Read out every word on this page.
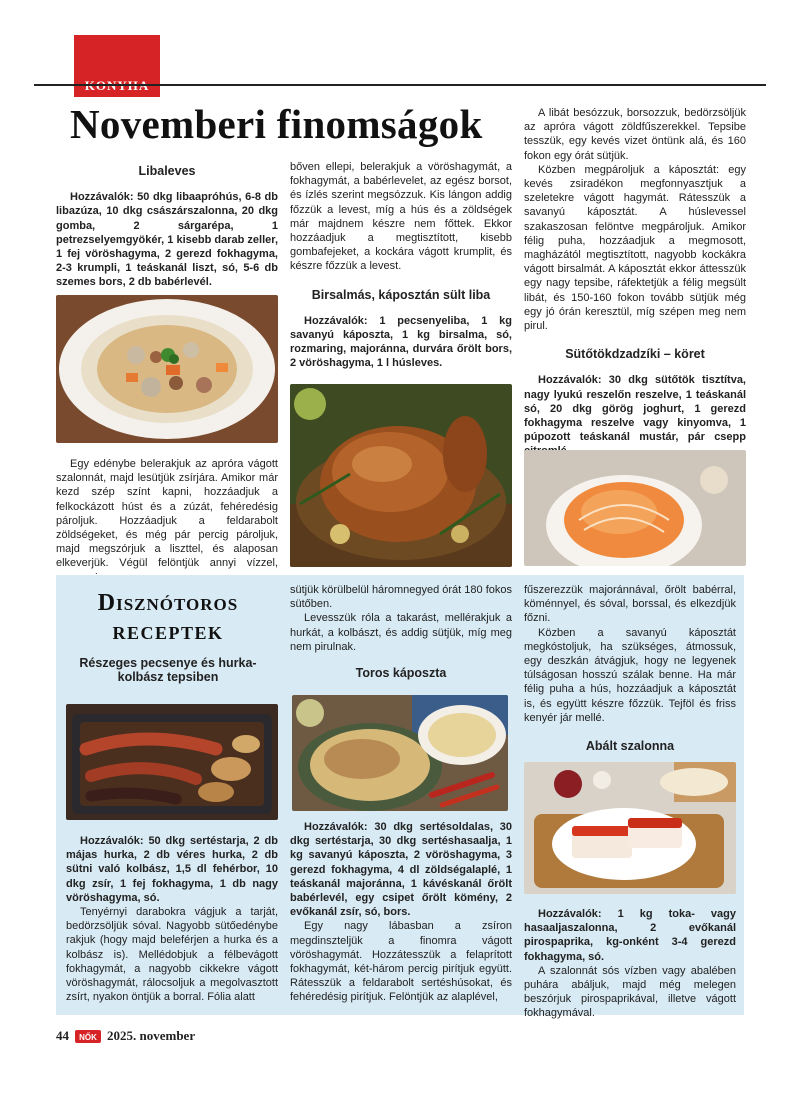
Novemberi finomságok
Libaleves

Hozzávalók: 50 dkg libaapróhús, 6-8 db libazúza, 10 dkg császárszalonna, 20 dkg gomba, 2 sárgarépa, 1 petrezselyemgyökér, 1 kisebb darab zeller, 1 fej vöröshagyma, 2 gerezd fokhagyma, 2-3 krumpli, 1 teáskanál liszt, só, 5-6 db szemes bors, 2 db babérlevél.

Egy edénybe belerakjuk az apróra vágott szalonnát, majd lesütjük zsírjára. Amikor már kezd szép színt kapni, hozzáadjuk a felkockázott húst és a zúzát, fehéredésig pároljuk. Hozzáadjuk a feldarabolt zöldségeket, és még pár percig pároljuk, majd megszórjuk a liszttel, és alaposan elkeverjük. Végül felöntjük annyi vízzel,

bőven ellepi, belerakjuk a vöröshagymát, a fokhagymát, a babérlevelet, az egész borsot, és ízlés szerint megsózzuk. Kis lángon addig főzzük a levest, míg a hús és a zöldségek már majdnem készre nem főttek. Ekkor hozzáadjuk a megtisztított, kisebb gombafejeket, a kockára vágott krumplit, és készre főzzük a levest.

Birsalmás, káposztán sült liba

Hozzávalók: 1 pecsenyeliba, 1 kg savanyú káposzta, 1 kg birsalma, só, rozmaring, majoránna, durvára őrölt bors, 2 vöröshagyma, 1 l húsleves.

A libát besózzuk, borsozzuk, bedörzsöljük az apróra vágott zöldfűszerekkel. Tepsibe tesszük, egy kevés vizet öntünk alá, és 160 fokon egy órát sütjük.

Közben megpároljuk a káposztát: egy kevés zsiradékon megfonnyasztjuk a szeletekre vágott hagymát. Rátesszük a savanyú káposztát. A húslevessel szakaszosan felöntve megpároljuk. Amikor félig puha, hozzáadjuk a megmosott, magházától megtisztított, nagyobb kockákra vágott birsalmát. A káposztát ekkor áttesszük egy nagy tepsibe, ráfektetjük a félig megsült libát, és 150-160 fokon tovább sütjük még egy jó órán keresztül, míg szépen meg nem pirul.

Sütőtökdzadzíki – köret

Hozzávalók: 30 dkg sütőtök tisztítva, nagy lyukú reszelőn reszelve, 1 teáskanál só, 20 dkg görög joghurt, 1 gerezd fokhagyma reszelve vagy kinyomva, 1 púpozott teáskanál mustár, pár csepp

Disznótoros
RECEPTEK
Részeges pecsenye és hurka-kolbász tepsiben

Hozzávalók: 50 dkg sertéstarja, 2 db májas hurka, 2 db véres hurka, 2 db sütni való kolbász, 1,5 dl fehérbor, 10 dkg zsír, 1 fej fokhagyma, 1 db nagy vöröshagyma, só.

Tenyérnyi darabokra vágjuk a tarját, bedörzsöljük sóval. Nagyobb sütőedénybe rakjuk (hogy majd beleférjen a hurka és a kolbász is). Mellédobjuk a félbevágott fokhagymát, a nagyobb cikkekre vágott vöröshagymát, rálocsoljuk a megolvasztott zsírt, nyakon öntjük a borral. Fólia alatt

sütjük körülbelül háromnegyed órát 180 fokos sütőben.

Levesszük róla a takarást, mellérakjuk a hurkát, a kolbászt, és addig sütjük, míg meg nem pirulnak.

Toros káposzta

Hozzávalók: 30 dkg sertésoldalas, 30 dkg sertéstarja, 30 dkg sertéshasaalja, 1 kg savanyú káposzta, 2 vöröshagyma, 3 gerezd fokhagyma, 4 dl zöldségalaplé, 1 teáskanál majoránna, 1 kávéskanál őrölt babérlevél, egy csipet őrölt kömény, 2 evőkanál zsír, só, bors.

Egy nagy lábasban a zsíron megdinszteljük a finomra vágott vöröshagymát. Hozzátesszük a felaprított fokhagymát, két-három percig pirítjuk együtt. Rátesszük a feldarabolt sertéshúsokat, és fehéredésig pirítjuk. Felöntjük az alaplével,

fűszerezzük majoránnával, őrölt babérral, köménnyel, és sóval, borssal, és elkezdjük főzni.

Közben a savanyú káposztát megkóstoljuk, ha szükséges, átmossuk, egy deszkán átvágjuk, hogy ne legyenek túlságosan hosszú szálak benne. Ha már félig puha a hús, hozzáadjuk a káposztát is, és együtt készre főzzük. Tejföl és friss kenyér jár mellé.

Abált szalonna

Hozzávalók: 1 kg toka- vagy hasaaljaszalonna, 2 evőkanál pirospaprika, kg-onként 3-4 gerezd fokhagyma, só.

A szalonnát sós vízben vagy abalében puhára abáljuk, majd még melegen beszórjuk pirospaprikával, illetve vágott fokhagymával.

44 NŐK 2025. november
